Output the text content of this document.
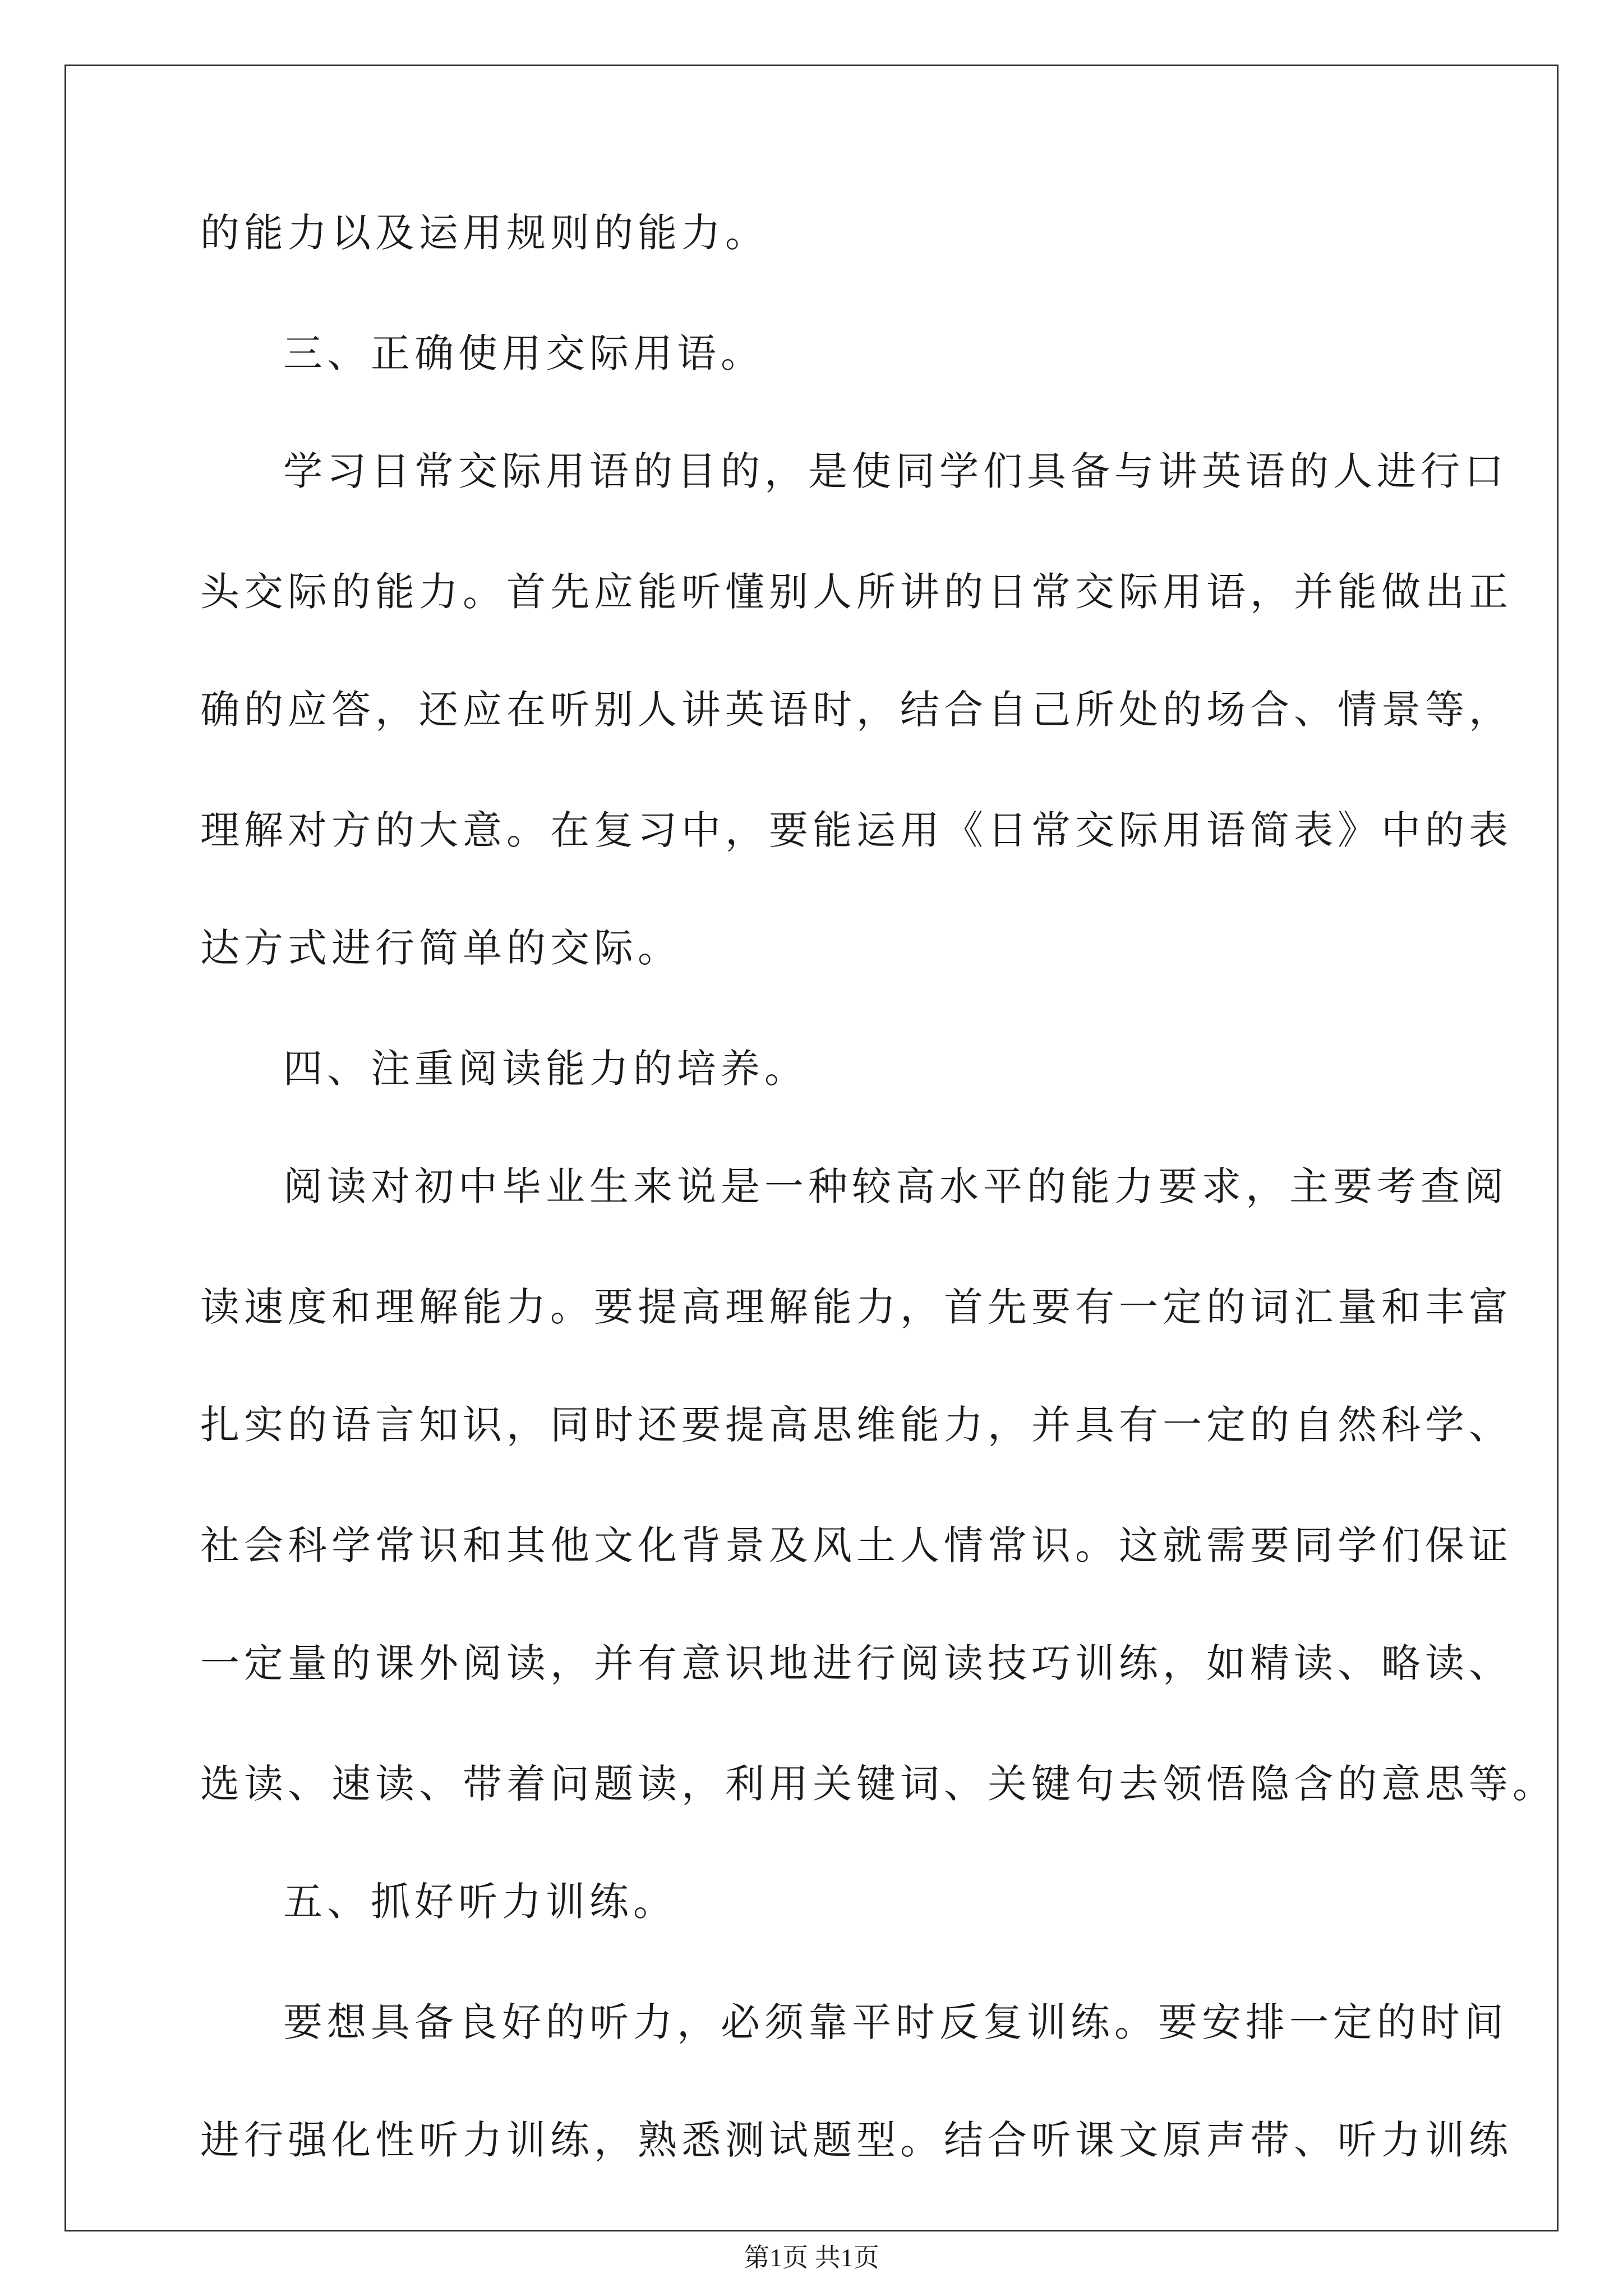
的能力以及运用规则的能力。
三、正确使用交际用语。
学习日常交际用语的目的，是使同学们具备与讲英语的人进行口
头交际的能力。首先应能听懂别人所讲的日常交际用语，并能做出正
确的应答，还应在听别人讲英语时，结合自己所处的场合、情景等，
理解对方的大意。在复习中，要能运用《日常交际用语简表》中的表
达方式进行简单的交际。
四、注重阅读能力的培养。
阅读对初中毕业生来说是一种较高水平的能力要求，主要考查阅
读速度和理解能力。要提高理解能力，首先要有一定的词汇量和丰富
扎实的语言知识，同时还要提高思维能力，并具有一定的自然科学、
社会科学常识和其他文化背景及风土人情常识。这就需要同学们保证
一定量的课外阅读，并有意识地进行阅读技巧训练，如精读、略读、
选读、速读、带着问题读，利用关键词、关键句去领悟隐含的意思等。
五、抓好听力训练。
要想具备良好的听力，必须靠平时反复训练。要安排一定的时间
进行强化性听力训练，熟悉测试题型。结合听课文原声带、听力训练
第1页 共1页
